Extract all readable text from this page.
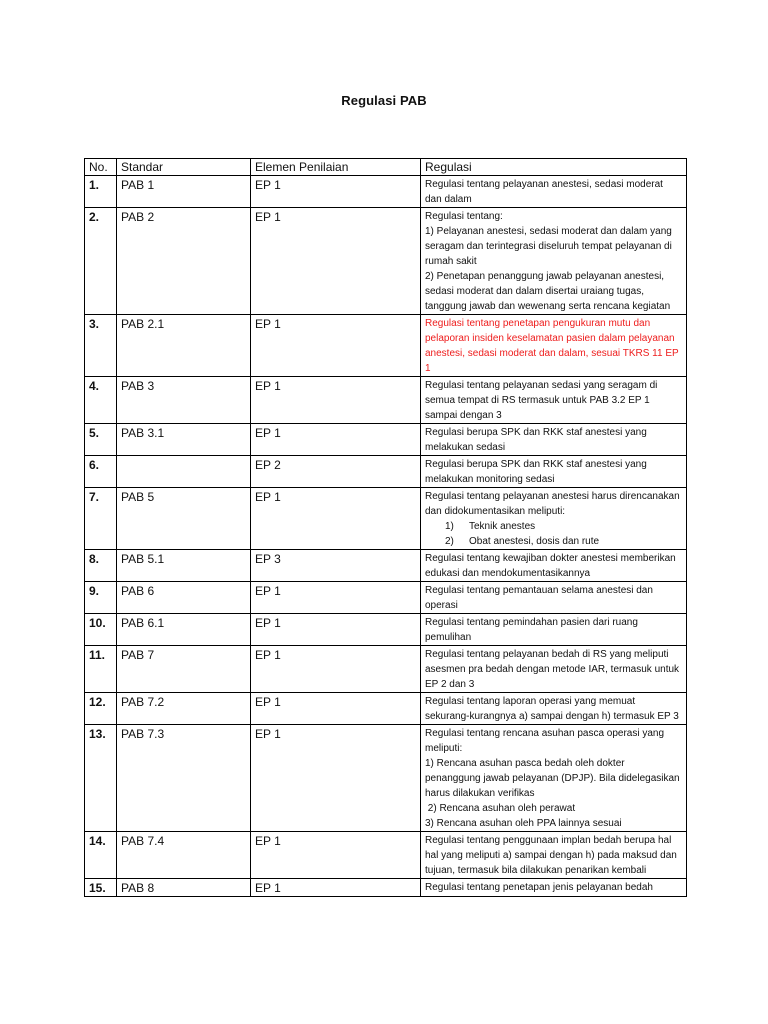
Regulasi PAB
No.	Standar	Elemen Penilaian	Regulasi
1.	PAB 1	EP 1	Regulasi tentang pelayanan anestesi, sedasi moderat dan dalam

2.	PAB 2	EP 1	Regulasi tentang:
1) Pelayanan anestesi, sedasi moderat dan dalam yang seragam dan terintegrasi diseluruh tempat pelayanan di rumah sakit
2) Penetapan penanggung jawab pelayanan anestesi, sedasi moderat dan dalam disertai uraiang tugas, tanggung jawab dan wewenang serta rencana kegiatan

3.	PAB 2.1	EP 1	Regulasi tentang penetapan pengukuran mutu dan pelaporan insiden keselamatan pasien dalam pelayanan anestesi, sedasi moderat dan dalam, sesuai TKRS 11 EP 1

4.	PAB 3	EP 1	Regulasi tentang pelayanan sedasi yang seragam di semua tempat di RS termasuk untuk PAB 3.2 EP 1 sampai dengan 3

5.	PAB 3.1	EP 1	Regulasi berupa SPK dan RKK staf anestesi yang melakukan sedasi

6.		EP 2	Regulasi berupa SPK dan RKK staf anestesi yang melakukan monitoring sedasi

7.	PAB 5	EP 1	Regulasi tentang pelayanan anestesi harus direncanakan dan didokumentasikan meliputi:
1) Teknik anestes
2) Obat anestesi, dosis dan rute

8.	PAB 5.1	EP 3	Regulasi tentang kewajiban dokter anestesi memberikan edukasi dan mendokumentasikannya

9.	PAB 6	EP 1	Regulasi tentang pemantauan selama anestesi dan operasi

10.	PAB 6.1	EP 1	Regulasi tentang pemindahan pasien dari ruang pemulihan

11.	PAB 7	EP 1	Regulasi tentang pelayanan bedah di RS yang meliputi asesmen pra bedah dengan metode IAR, termasuk untuk EP 2 dan 3

12.	PAB 7.2	EP 1	Regulasi tentang laporan operasi yang memuat sekurang-kurangnya a) sampai dengan h) termasuk EP 3

13.	PAB 7.3	EP 1	Regulasi tentang rencana asuhan pasca operasi yang meliputi:
1) Rencana asuhan pasca bedah oleh dokter penanggung jawab pelayanan (DPJP). Bila didelegasikan harus dilakukan verifikas
2) Rencana asuhan oleh perawat
3) Rencana asuhan oleh PPA lainnya sesuai

14.	PAB 7.4	EP 1	Regulasi tentang penggunaan implan bedah berupa hal hal yang meliputi a) sampai dengan h) pada maksud dan tujuan, termasuk bila dilakukan penarikan kembali

15.	PAB 8	EP 1	Regulasi tentang penetapan jenis pelayanan bedah
